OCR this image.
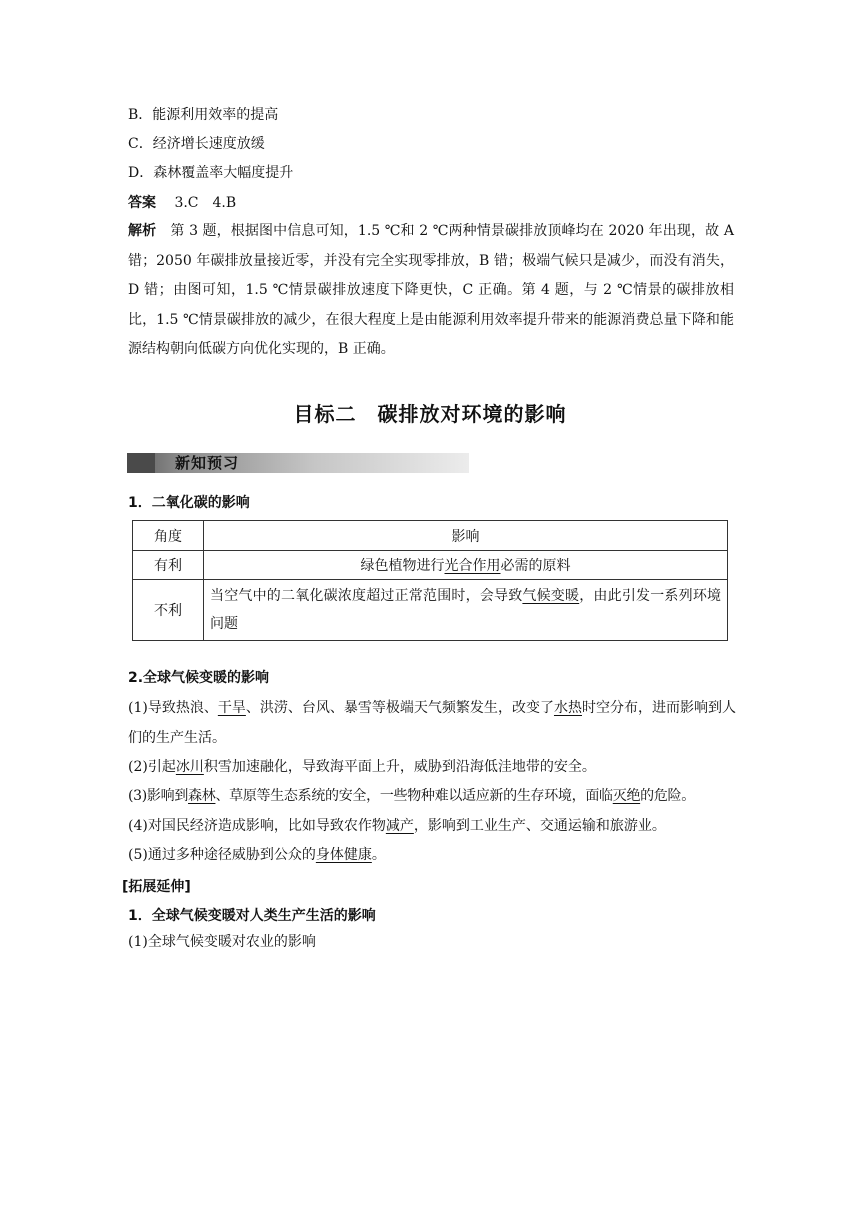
B．能源利用效率的提高
C．经济增长速度放缓
D．森林覆盖率大幅度提升
答案 3.C　4.B
解析　 第 3 题，根据图中信息可知，1.5 ℃和 2 ℃两种情景碳排放顶峰均在 2020 年出现，故 A 错；2050 年碳排放量接近零，并没有完全实现零排放，B 错；极端气候只是减少，而没有消失，D 错；由图可知，1.5 ℃情景碳排放速度下降更快，C 正确。第 4 题，与 2 ℃情景的碳排放相比，1.5 ℃情景碳排放的减少，在很大程度上是由能源利用效率提升带来的能源消费总量下降和能源结构朝向低碳方向优化实现的，B 正确。
目标二　碳排放对环境的影响
新知预习
1．二氧化碳的影响
角度	影响
有利	绿色植物进行光合作用必需的原料
不利	当空气中的二氧化碳浓度超过正常范围时，会导致气候变暖，由此引发一系列环境问题
2.全球气候变暖的影响
(1)导致热浪、干旱、洪涝、台风、暴雪等极端天气频繁发生，改变了水热时空分布，进而影响到人们的生产生活。
(2)引起冰川积雪加速融化，导致海平面上升，威胁到沿海低洼地带的安全。
(3)影响到森林、草原等生态系统的安全，一些物种难以适应新的生存环境，面临灭绝的危险。
(4)对国民经济造成影响，比如导致农作物减产，影响到工业生产、交通运输和旅游业。
(5)通过多种途径威胁到公众的身体健康。
[拓展延伸]
1．全球气候变暖对人类生产生活的影响
(1)全球气候变暖对农业的影响
